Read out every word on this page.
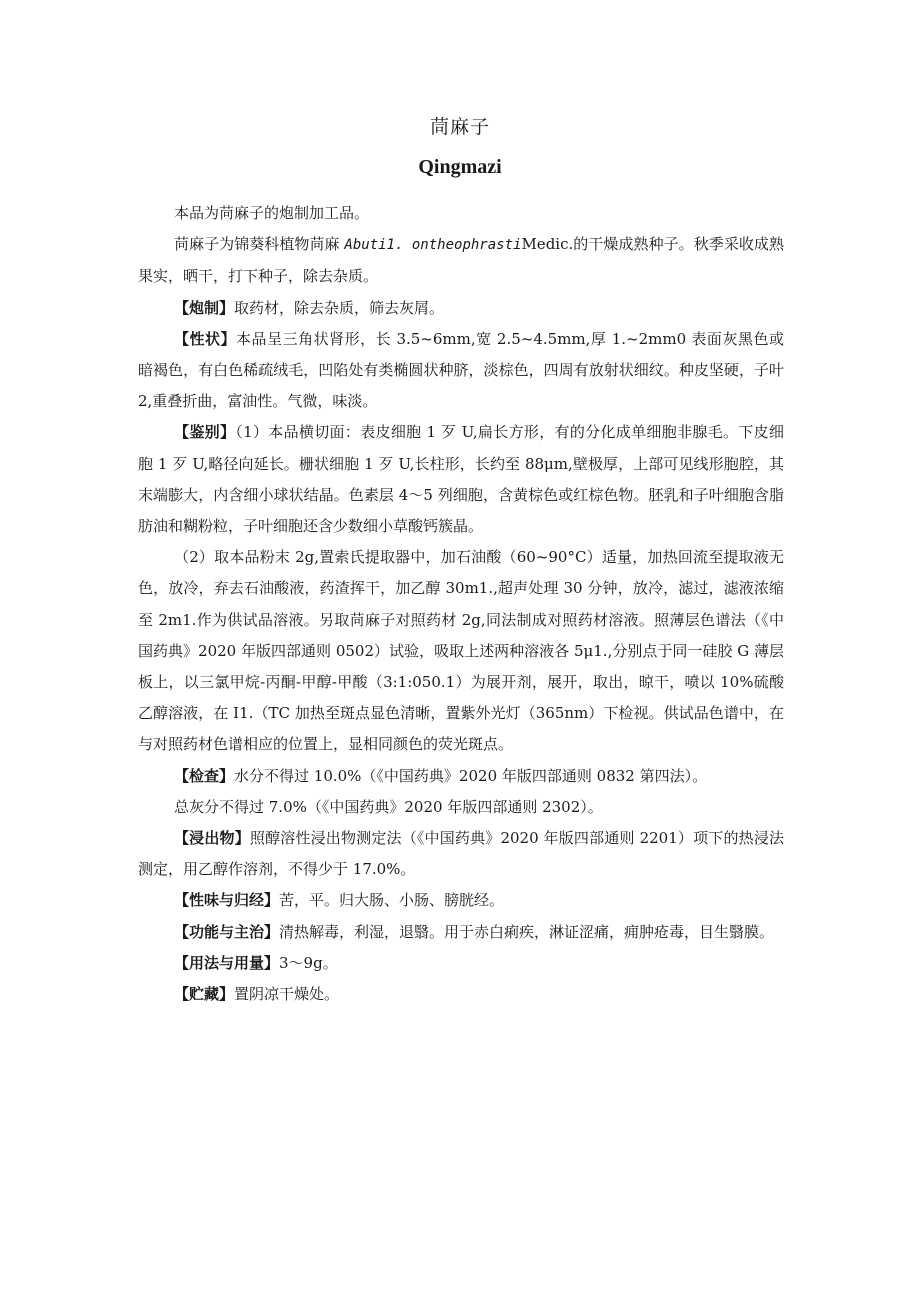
茼麻子
Qingmazi

本品为苘麻子的炮制加工品。

苘麻子为锦葵科植物苘麻 Abuti1. ontheophrastiMedic.的干燥成熟种子。秋季采收成熟果实，晒干，打下种子，除去杂质。

【炮制】取药材，除去杂质，筛去灰屑。

【性状】本品呈三角状肾形，长 3.5~6mm,宽 2.5~4.5mm,厚 1.~2mm0 表面灰黑色或暗褐色，有白色稀疏绒毛，凹陷处有类椭圆状种脐，淡棕色，四周有放射状细纹。种皮坚硬，子叶 2,重叠折曲，富油性。气微，味淡。

【鉴别】（1）本品横切面：表皮细胞 1 歹 U,扁长方形，有的分化成单细胞非腺毛。下皮细胞 1 歹 U,略径向延长。栅状细胞 1 歹 U,长柱形，长约至 88μm,壁极厚，上部可见线形胞腔，其末端膨大，内含细小球状结晶。色素层 4～5 列细胞，含黄棕色或红棕色物。胚乳和子叶细胞含脂肪油和糊粉粒，子叶细胞还含少数细小草酸钙簇晶。

（2）取本品粉末 2g,置索氏提取器中，加石油酸（60~90°C）适量，加热回流至提取液无色，放冷，弃去石油酸液，药渣挥干，加乙醇 30m1.,超声处理 30 分钟，放冷，滤过，滤液浓缩至 2m1.作为供试品溶液。另取苘麻子对照药材 2g,同法制成对照药材溶液。照薄层色谱法（《中国药典》2020 年版四部通则 0502）试验，吸取上述两种溶液各 5μ1.,分别点于同一硅胶 G 薄层板上，以三氯甲烷-丙酮-甲醇-甲酸（3:1:050.1）为展开剂，展开，取出，晾干，喷以 10%硫酸乙醇溶液，在 I1.（TC 加热至斑点显色清晰，置紫外光灯（365nm）下检视。供试品色谱中，在与对照药材色谱相应的位置上，显相同颜色的荧光斑点。

【检查】水分不得过 10.0%（《中国药典》2020 年版四部通则 0832 第四法）。

总灰分不得过 7.0%（《中国药典》2020 年版四部通则 2302）。

【浸出物】照醇溶性浸出物测定法（《中国药典》2020 年版四部通则 2201）项下的热浸法测定，用乙醇作溶剂，不得少于 17.0%。

【性味与归经】苦，平。归大肠、小肠、膀胱经。

【功能与主治】清热解毒，利湿，退翳。用于赤白痢疾，淋证涩痛，痈肿疮毒，目生翳膜。

【用法与用量】3～9g。

【贮藏】置阴凉干燥处。
